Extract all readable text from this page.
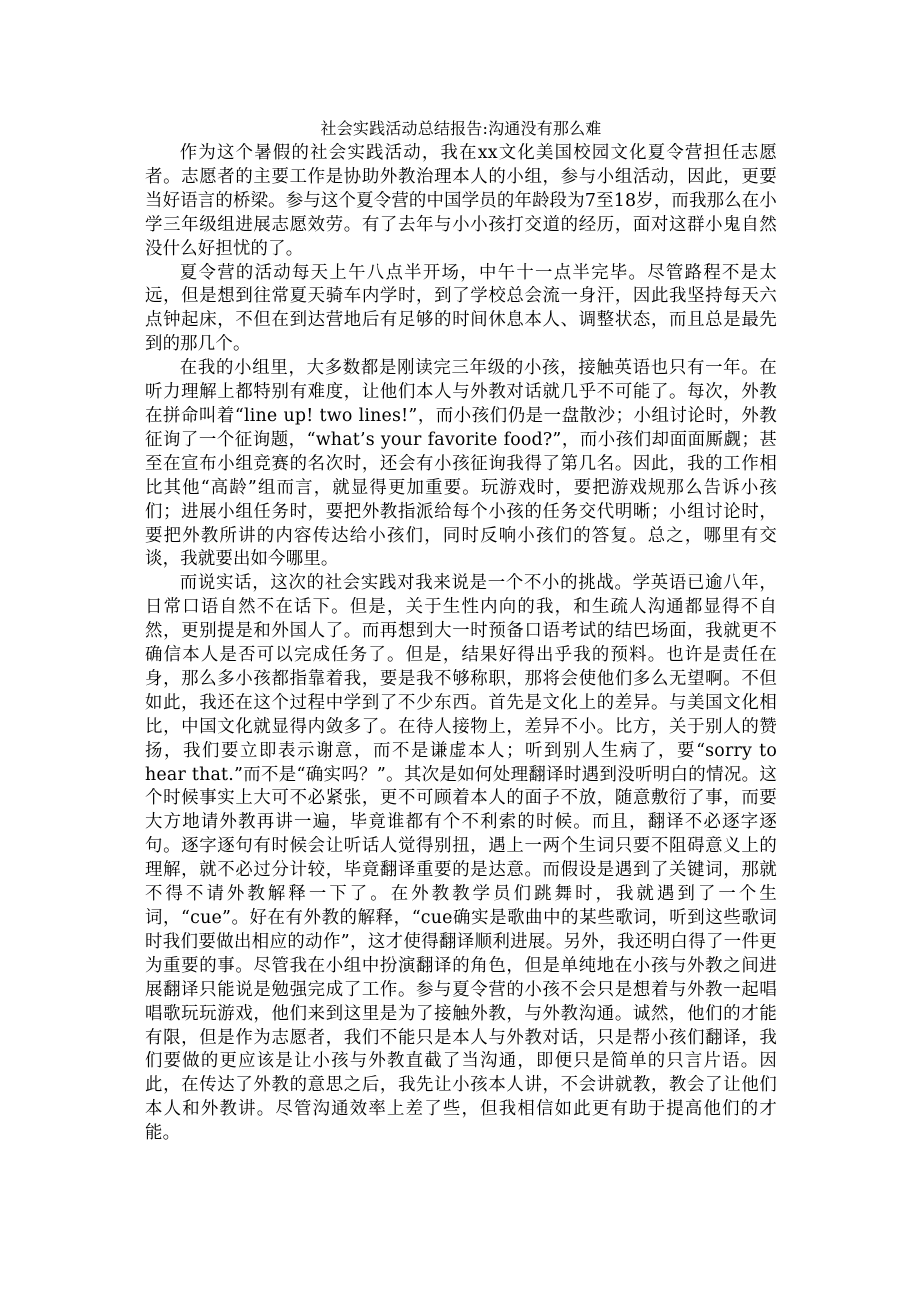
社会实践活动总结报告:沟通没有那么难

作为这个暑假的社会实践活动，我在xx文化美国校园文化夏令营担任志愿者。志愿者的主要工作是协助外教治理本人的小组，参与小组活动，因此，更要当好语言的桥梁。参与这个夏令营的中国学员的年龄段为7至18岁，而我那么在小学三年级组进展志愿效劳。有了去年与小小孩打交道的经历，面对这群小鬼自然没什么好担忧的了。

夏令营的活动每天上午八点半开场，中午十一点半完毕。尽管路程不是太远，但是想到往常夏天骑车内学时，到了学校总会流一身汗，因此我坚持每天六点钟起床，不但在到达营地后有足够的时间休息本人、调整状态，而且总是最先到的那几个。

在我的小组里，大多数都是刚读完三年级的小孩，接触英语也只有一年。在听力理解上都特别有难度，让他们本人与外教对话就几乎不可能了。每次，外教在拼命叫着“line up! two lines!”，而小孩们仍是一盘散沙；小组讨论时，外教征询了一个征询题，“what’s your favorite food?”，而小孩们却面面厮觑；甚至在宣布小组竞赛的名次时，还会有小孩征询我得了第几名。因此，我的工作相比其他“高龄”组而言，就显得更加重要。玩游戏时，要把游戏规那么告诉小孩们；进展小组任务时，要把外教指派给每个小孩的任务交代明晰；小组讨论时，要把外教所讲的内容传达给小孩们，同时反响小孩们的答复。总之，哪里有交谈，我就要出如今哪里。

而说实话，这次的社会实践对我来说是一个不小的挑战。学英语已逾八年，日常口语自然不在话下。但是，关于生性内向的我，和生疏人沟通都显得不自然，更别提是和外国人了。而再想到大一时预备口语考试的结巴场面，我就更不确信本人是否可以完成任务了。但是，结果好得出乎我的预料。也许是责任在身，那么多小孩都指靠着我，要是我不够称职，那将会使他们多么无望啊。不但如此，我还在这个过程中学到了不少东西。首先是文化上的差异。与美国文化相比，中国文化就显得内敛多了。在待人接物上，差异不小。比方，关于别人的赞扬，我们要立即表示谢意，而不是谦虚本人；听到别人生病了，要“sorry to hear that.”而不是“确实吗？”。其次是如何处理翻译时遇到没听明白的情况。这个时候事实上大可不必紧张，更不可顾着本人的面子不放，随意敷衍了事，而要大方地请外教再讲一遍，毕竟谁都有个不利索的时候。而且，翻译不必逐字逐句。逐字逐句有时候会让听话人觉得别扭，遇上一两个生词只要不阻碍意义上的理解，就不必过分计较，毕竟翻译重要的是达意。而假设是遇到了关键词，那就不得不请外教解释一下了。在外教教学员们跳舞时，我就遇到了一个生词，“cue”。好在有外教的解释，“cue确实是歌曲中的某些歌词，听到这些歌词时我们要做出相应的动作”，这才使得翻译顺利进展。另外，我还明白得了一件更为重要的事。尽管我在小组中扮演翻译的角色，但是单纯地在小孩与外教之间进展翻译只能说是勉强完成了工作。参与夏令营的小孩不会只是想着与外教一起唱唱歌玩玩游戏，他们来到这里是为了接触外教，与外教沟通。诚然，他们的才能有限，但是作为志愿者，我们不能只是本人与外教对话，只是帮小孩们翻译，我们要做的更应该是让小孩与外教直截了当沟通，即便只是简单的只言片语。因此，在传达了外教的意思之后，我先让小孩本人讲，不会讲就教，教会了让他们本人和外教讲。尽管沟通效率上差了些，但我相信如此更有助于提高他们的才能。
